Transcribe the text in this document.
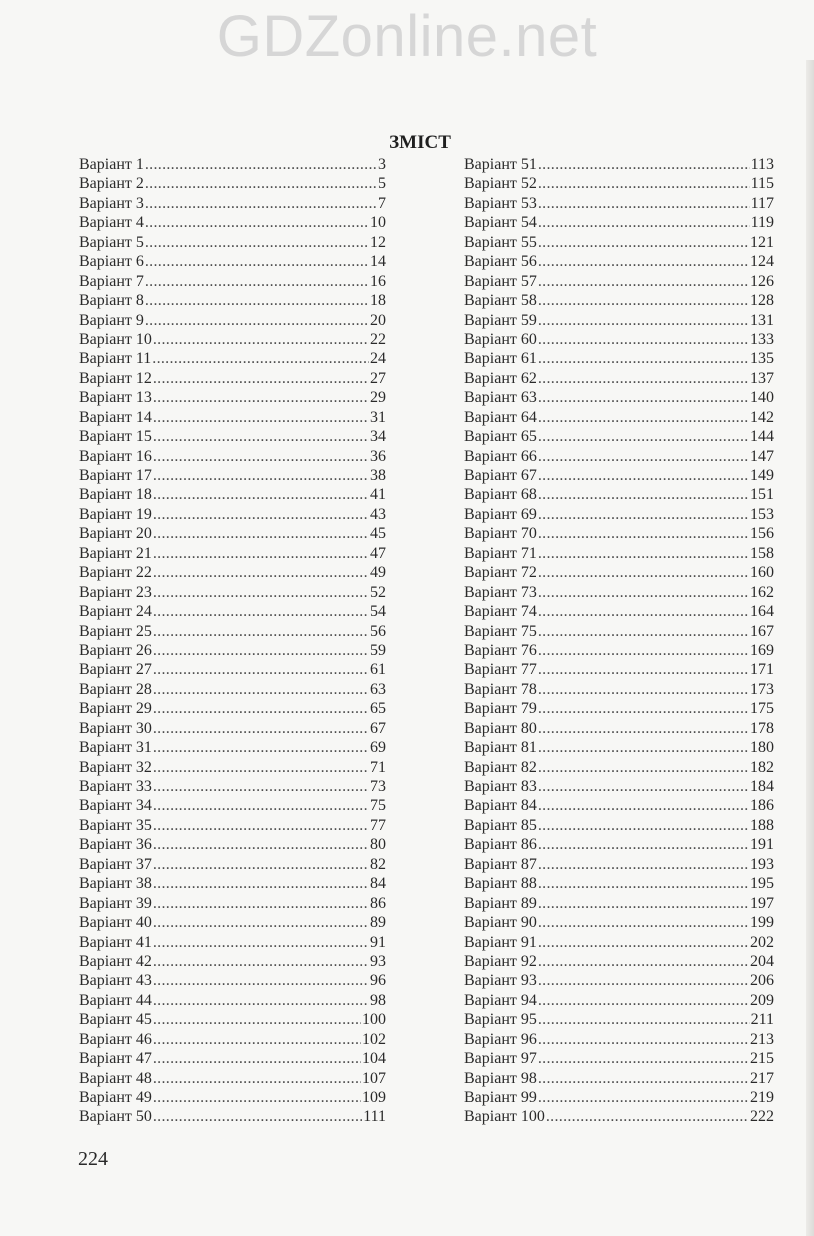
GDZonline.net
ЗМІСТ
Варіант 1 .....	3
Варіант 2 .....	5
Варіант 3 .....	7
Варіант 4 .....	10
Варіант 5 .....	12
Варіант 6 .....	14
Варіант 7 .....	16
Варіант 8 .....	18
Варіант 9 .....	20
Варіант 10 .....	22
Варіант 11 .....	24
Варіант 12 .....	27
Варіант 13 .....	29
Варіант 14 .....	31
Варіант 15 .....	34
Варіант 16 .....	36
Варіант 17 .....	38
Варіант 18 .....	41
Варіант 19 .....	43
Варіант 20 .....	45
Варіант 21 .....	47
Варіант 22 .....	49
Варіант 23 .....	52
Варіант 24 .....	54
Варіант 25 .....	56
Варіант 26 .....	59
Варіант 27 .....	61
Варіант 28 .....	63
Варіант 29 .....	65
Варіант 30 .....	67
Варіант 31 .....	69
Варіант 32 .....	71
Варіант 33 .....	73
Варіант 34 .....	75
Варіант 35 .....	77
Варіант 36 .....	80
Варіант 37 .....	82
Варіант 38 .....	84
Варіант 39 .....	86
Варіант 40 .....	89
Варіант 41 .....	91
Варіант 42 .....	93
Варіант 43 .....	96
Варіант 44 .....	98
Варіант 45 .....	100
Варіант 46 .....	102
Варіант 47 .....	104
Варіант 48 .....	107
Варіант 49 .....	109
Варіант 50 .....	111
Варіант 51 .....	113
Варіант 52 .....	115
Варіант 53 .....	117
Варіант 54 .....	119
Варіант 55 .....	121
Варіант 56 .....	124
Варіант 57 .....	126
Варіант 58 .....	128
Варіант 59 .....	131
Варіант 60 .....	133
Варіант 61 .....	135
Варіант 62 .....	137
Варіант 63 .....	140
Варіант 64 .....	142
Варіант 65 .....	144
Варіант 66 .....	147
Варіант 67 .....	149
Варіант 68 .....	151
Варіант 69 .....	153
Варіант 70 .....	156
Варіант 71 .....	158
Варіант 72 .....	160
Варіант 73 .....	162
Варіант 74 .....	164
Варіант 75 .....	167
Варіант 76 .....	169
Варіант 77 .....	171
Варіант 78 .....	173
Варіант 79 .....	175
Варіант 80 .....	178
Варіант 81 .....	180
Варіант 82 .....	182
Варіант 83 .....	184
Варіант 84 .....	186
Варіант 85 .....	188
Варіант 86 .....	191
Варіант 87 .....	193
Варіант 88 .....	195
Варіант 89 .....	197
Варіант 90 .....	199
Варіант 91 .....	202
Варіант 92 .....	204
Варіант 93 .....	206
Варіант 94 .....	209
Варіант 95 .....	211
Варіант 96 .....	213
Варіант 97 .....	215
Варіант 98 .....	217
Варіант 99 .....	219
Варіант 100 .....	222
224
